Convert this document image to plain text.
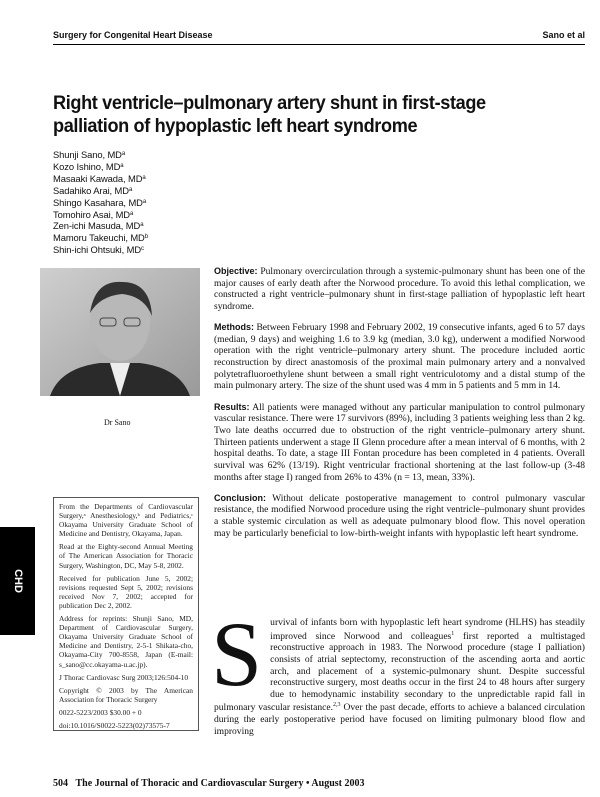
Surgery for Congenital Heart Disease	Sano et al
Right ventricle–pulmonary artery shunt in first-stage palliation of hypoplastic left heart syndrome
Shunji Sano, $MD^a$
Kozo Ishino, $MD^a$
Masaaki Kawada, $MD^a$
Sadahiko Arai, $MD^a$
Shingo Kasahara, $MD^a$
Tomohiro Asai, $MD^a$
Zen-ichi Masuda, $MD^a$
Mamoru Takeuchi, $MD^b$
Shin-ichi Ohtsuki, $MD^c$
Dr Sano

Objective: Pulmonary overcirculation through a systemic-pulmonary shunt has been one of the major causes of early death after the Norwood procedure. To avoid this lethal complication, we constructed a right ventricle–pulmonary shunt in first-stage palliation of hypoplastic left heart syndrome.

Methods: Between February 1998 and February 2002, 19 consecutive infants, aged 6 to 57 days (median, 9 days) and weighing 1.6 to 3.9 kg (median, 3.0 kg), underwent a modified Norwood operation with the right ventricle–pulmonary artery shunt. The procedure included aortic reconstruction by direct anastomosis of the proximal main pulmonary artery and a nonvalved polytetrafluoroethylene shunt between a small right ventriculotomy and a distal stump of the main pulmonary artery. The size of the shunt used was 4 mm in 5 patients and 5 mm in 14.

Results: All patients were managed without any particular manipulation to control pulmonary vascular resistance. There were 17 survivors (89%), including 3 patients weighing less than 2 kg. Two late deaths occurred due to obstruction of the right ventricle–pulmonary artery shunt. Thirteen patients underwent a stage II Glenn procedure after a mean interval of 6 months, with 2 hospital deaths. To date, a stage III Fontan procedure has been completed in 4 patients. Overall survival was 62% (13/19). Right ventricular fractional shortening at the last follow-up (3-48 months after stage I) ranged from 26% to 43% (n = 13, mean, 33%).

Conclusion: Without delicate postoperative management to control pulmonary vascular resistance, the modified Norwood procedure using the right ventricle–pulmonary shunt provides a stable systemic circulation as well as adequate pulmonary blood flow. This novel operation may be particularly beneficial to low-birth-weight infants with hypoplastic left heart syndrome.

CHD

From the Departments of Cardiovascular Surgery,ᵃ Anesthesiology,ᵇ and Pediatrics,ᶜ Okayama University Graduate School of Medicine and Dentistry, Okayama, Japan.

Read at the Eighty-second Annual Meeting of The American Association for Thoracic Surgery, Washington, DC, May 5-8, 2002.

Received for publication June 5, 2002; revisions requested Sept 5, 2002; revisions received Nov 7, 2002; accepted for publication Dec 2, 2002.

Address for reprints: Shunji Sano, MD, Department of Cardiovascular Surgery, Okayama University Graduate School of Medicine and Dentistry, 2-5-1 Shikata-cho, Okayama-City 700-8558, Japan (E-mail: s_sano@cc.okayama-u.ac.jp).

J Thorac Cardiovasc Surg 2003;126:504-10

Copyright © 2003 by The American Association for Thoracic Surgery

0022-5223/2003 $30.00 + 0

doi:10.1016/S0022-5223(02)73575-7

Survival of infants born with hypoplastic left heart syndrome (HLHS) has steadily improved since Norwood and colleagues$^1$ first reported a multistaged reconstructive approach in 1983. The Norwood procedure (stage I palliation) consists of atrial septectomy, reconstruction of the ascending aorta and aortic arch, and placement of a systemic-pulmonary shunt. Despite successful reconstructive surgery, most deaths occur in the first 24 to 48 hours after surgery due to hemodynamic instability secondary to the unpredictable rapid fall in pulmonary vascular resistance.$^{2,3}$ Over the past decade, efforts to achieve a balanced circulation during the early postoperative period have focused on limiting pulmonary blood flow and improving
504 The Journal of Thoracic and Cardiovascular Surgery • August 2003
